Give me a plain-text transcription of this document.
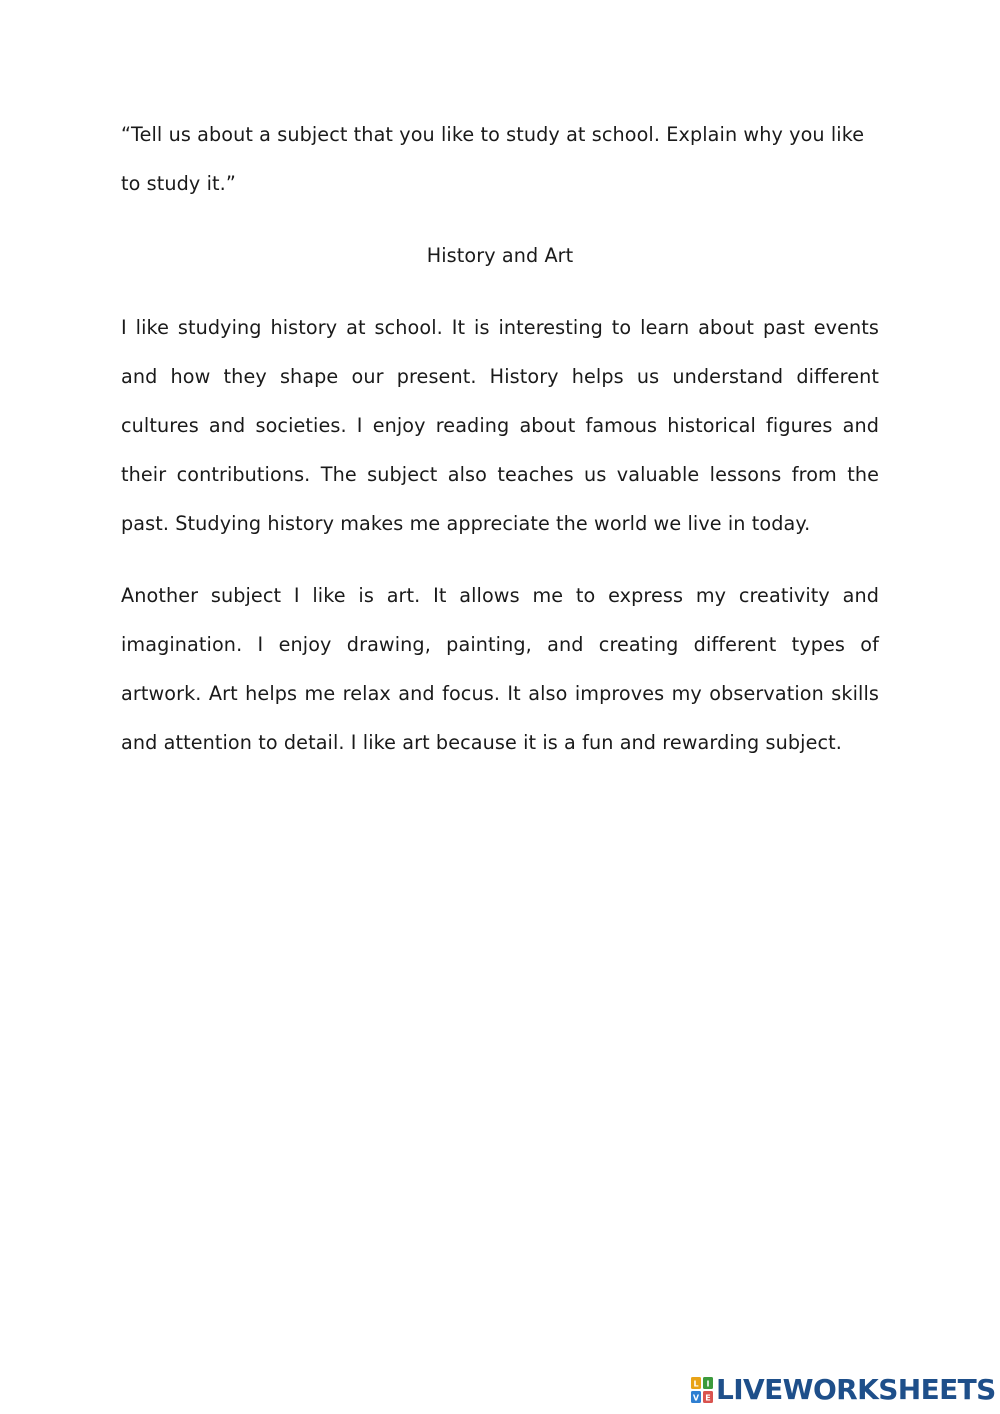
“Tell us about a subject that you like to study at school. Explain why you like to study it.”

History and Art

I like studying history at school. It is interesting to learn about past events and how they shape our present. History helps us understand different cultures and societies. I enjoy reading about famous historical figures and their contributions. The subject also teaches us valuable lessons from the past. Studying history makes me appreciate the world we live in today.

Another subject I like is art. It allows me to express my creativity and imagination. I enjoy drawing, painting, and creating different types of artwork. Art helps me relax and focus. It also improves my observation skills and attention to detail. I like art because it is a fun and rewarding subject.

L I
V E LIVEWORKSHEETS
